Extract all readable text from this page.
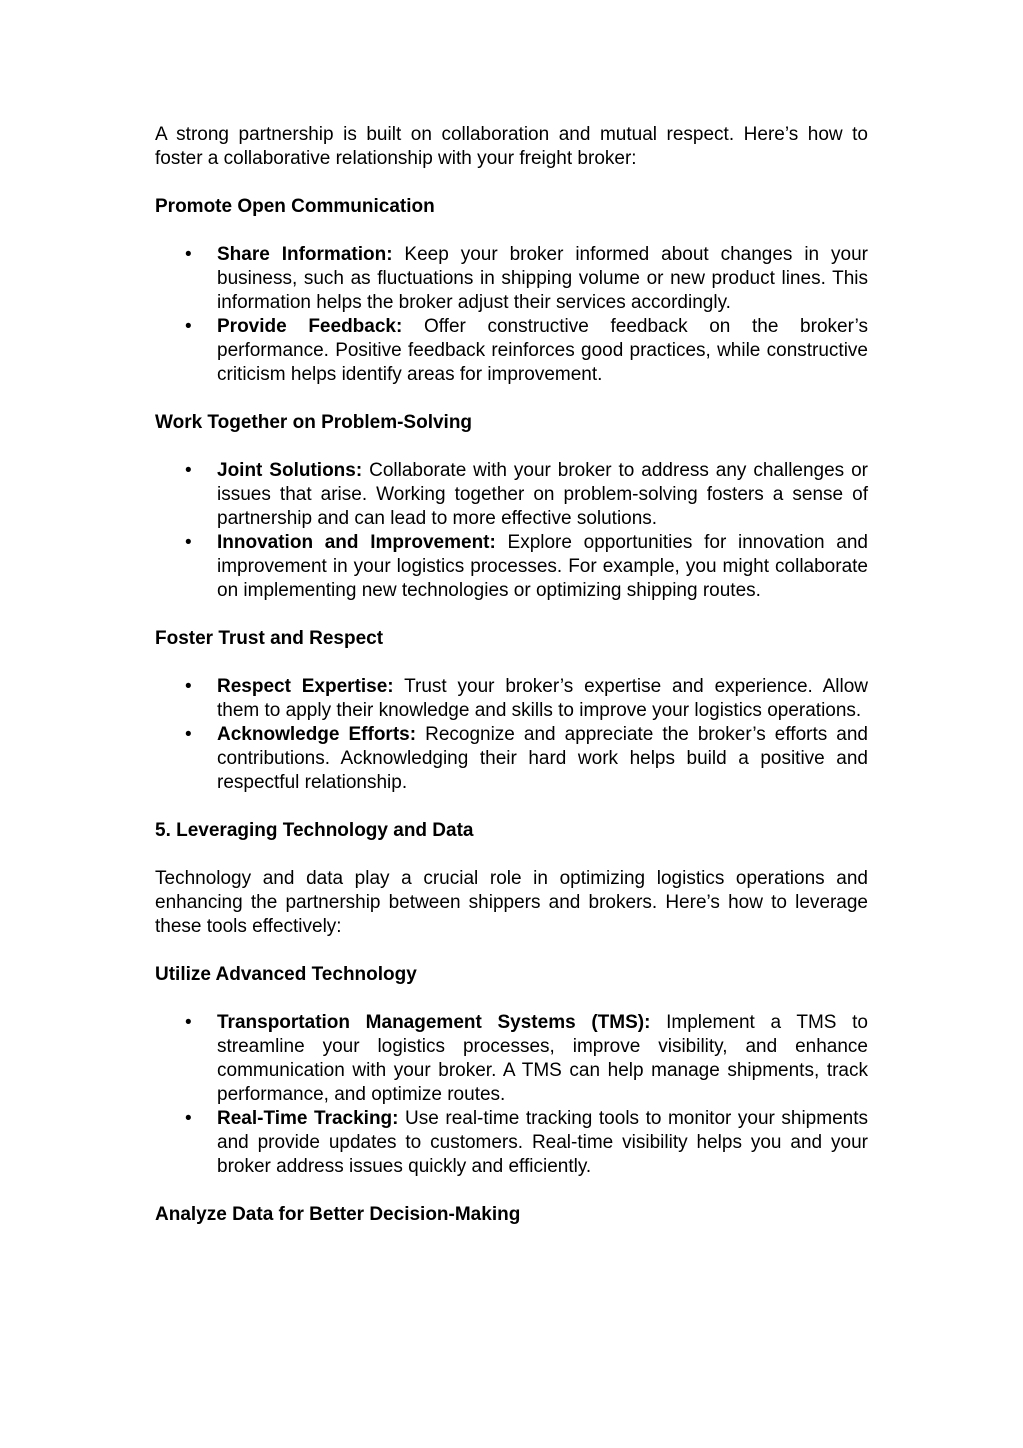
A strong partnership is built on collaboration and mutual respect. Here’s how to foster a collaborative relationship with your freight broker:

Promote Open Communication
• Share Information: Keep your broker informed about changes in your business, such as fluctuations in shipping volume or new product lines. This information helps the broker adjust their services accordingly.
• Provide Feedback: Offer constructive feedback on the broker’s performance. Positive feedback reinforces good practices, while constructive criticism helps identify areas for improvement.
Work Together on Problem-Solving
• Joint Solutions: Collaborate with your broker to address any challenges or issues that arise. Working together on problem-solving fosters a sense of partnership and can lead to more effective solutions.
• Innovation and Improvement: Explore opportunities for innovation and improvement in your logistics processes. For example, you might collaborate on implementing new technologies or optimizing shipping routes.
Foster Trust and Respect
• Respect Expertise: Trust your broker’s expertise and experience. Allow them to apply their knowledge and skills to improve your logistics operations.
• Acknowledge Efforts: Recognize and appreciate the broker’s efforts and contributions. Acknowledging their hard work helps build a positive and respectful relationship.
5. Leveraging Technology and Data

Technology and data play a crucial role in optimizing logistics operations and enhancing the partnership between shippers and brokers. Here’s how to leverage these tools effectively:

Utilize Advanced Technology
• Transportation Management Systems (TMS): Implement a TMS to streamline your logistics processes, improve visibility, and enhance communication with your broker. A TMS can help manage shipments, track performance, and optimize routes.
• Real-Time Tracking: Use real-time tracking tools to monitor your shipments and provide updates to customers. Real-time visibility helps you and your broker address issues quickly and efficiently.
Analyze Data for Better Decision-Making
